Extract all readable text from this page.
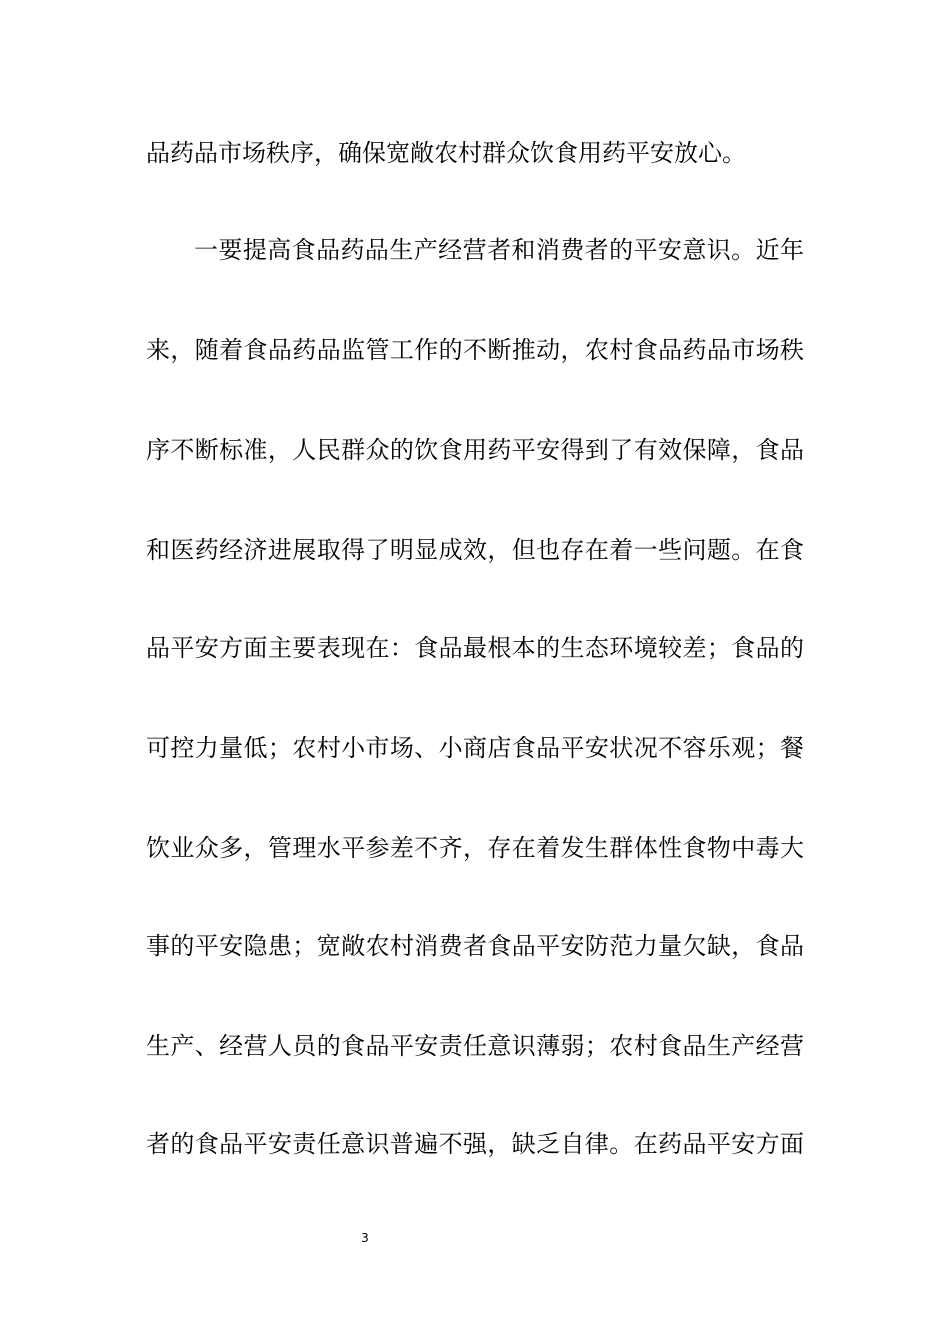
品药品市场秩序，确保宽敞农村群众饮食用药平安放心。
一要提高食品药品生产经营者和消费者的平安意识。近年
来，随着食品药品监管工作的不断推动，农村食品药品市场秩
序不断标准，人民群众的饮食用药平安得到了有效保障，食品
和医药经济进展取得了明显成效，但也存在着一些问题。在食
品平安方面主要表现在：食品最根本的生态环境较差；食品的
可控力量低；农村小市场、小商店食品平安状况不容乐观；餐
饮业众多，管理水平参差不齐，存在着发生群体性食物中毒大
事的平安隐患；宽敞农村消费者食品平安防范力量欠缺，食品
生产、经营人员的食品平安责任意识薄弱；农村食品生产经营
者的食品平安责任意识普遍不强，缺乏自律。在药品平安方面
3
